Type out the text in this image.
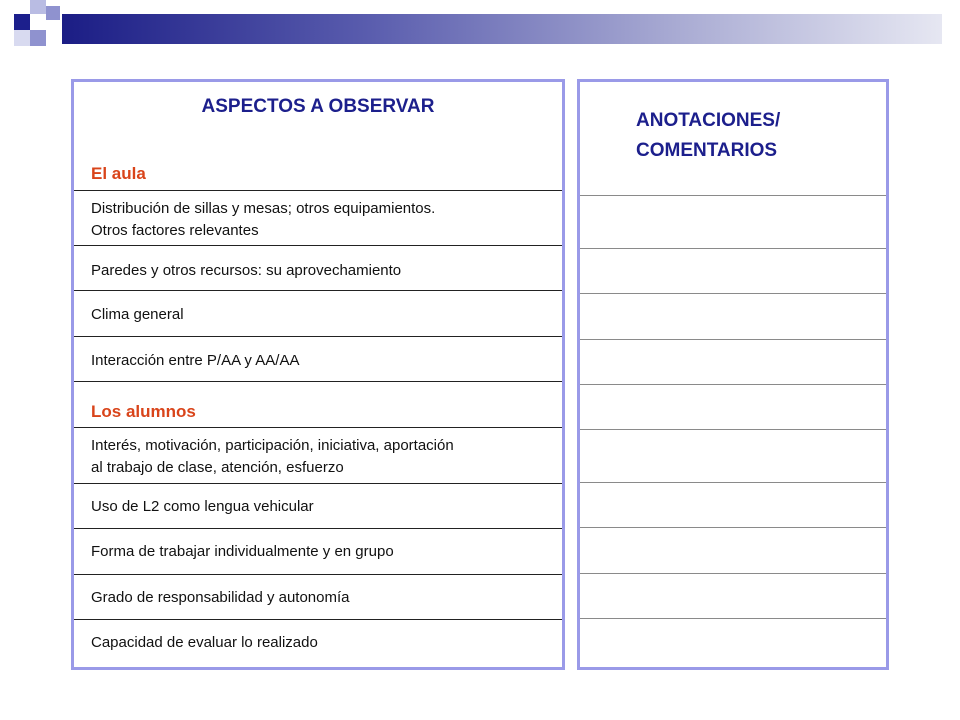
ASPECTOS A OBSERVAR
El aula
Distribución de sillas y mesas; otros equipamientos.
Otros factores relevantes
Paredes y otros recursos: su aprovechamiento
Clima general
Interacción entre P/AA y AA/AA
Los alumnos
Interés, motivación, participación, iniciativa, aportación
al trabajo de clase, atención, esfuerzo
Uso de L2 como lengua vehicular
Forma de trabajar individualmente y en grupo
Grado de responsabilidad y autonomía
Capacidad de evaluar lo realizado
ANOTACIONES/
COMENTARIOS
